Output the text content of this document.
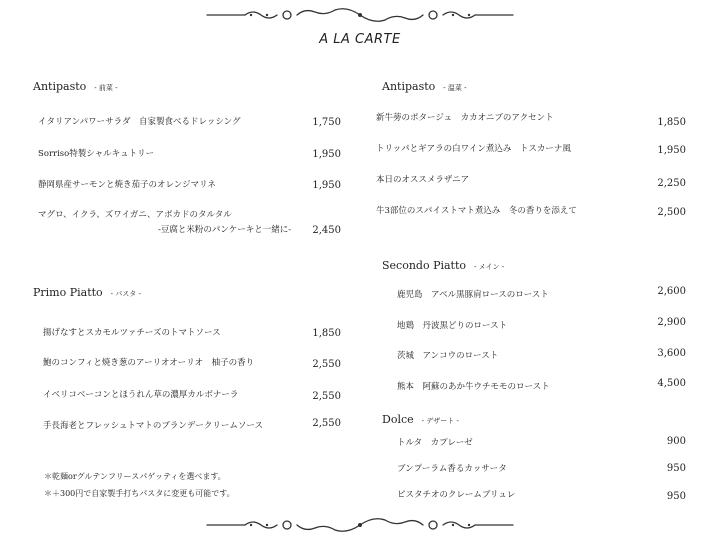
A LA CARTE
Antipasto - 前菜 -
イタリアンパワーサラダ　自家製食べるドレッシング	1,750
Sorriso特製シャルキュトリー	1,950
静岡県産サーモンと焼き茄子のオレンジマリネ	1,950
マグロ、イクラ、ズワイガニ、アボカドのタルタル
-豆腐と米粉のパンケーキと一緒に-	2,450
Primo Piatto - パスタ -
揚げなすとスカモルツァチーズのトマトソース	1,850
鮑のコンフィと焼き葱のアーリオオーリオ　柚子の香り	2,550
イベリコベーコンとほうれん草の濃厚カルボナーラ	2,550
手長海老とフレッシュトマトのブランデークリームソース	2,550
＊乾麺orグルテンフリースパゲッティを選べます。
＊＋300円で自家製手打ちパスタに変更も可能です。
Antipasto - 温菜 -
新牛蒡のポタージュ　カカオニブのアクセント	1,850
トリッパとギアラの白ワイン煮込み　トスカーナ風	1,950
本日のオススメラザニア	2,250
牛3部位のスパイストマト煮込み　冬の香りを添えて	2,500
Secondo Piatto - メイン -
鹿児島　アベル黒豚肩ロースのロースト	2,600
地鶏　丹波黒どりのロースト	2,900
茨城　アンコウのロースト	3,600
熊本　阿蘇のあか牛ウチモモのロースト	4,500
Dolce - デザート -
トルタ　カプレーゼ	900
ブンプーラム香るカッサータ	950
ピスタチオのクレームブリュレ	950
